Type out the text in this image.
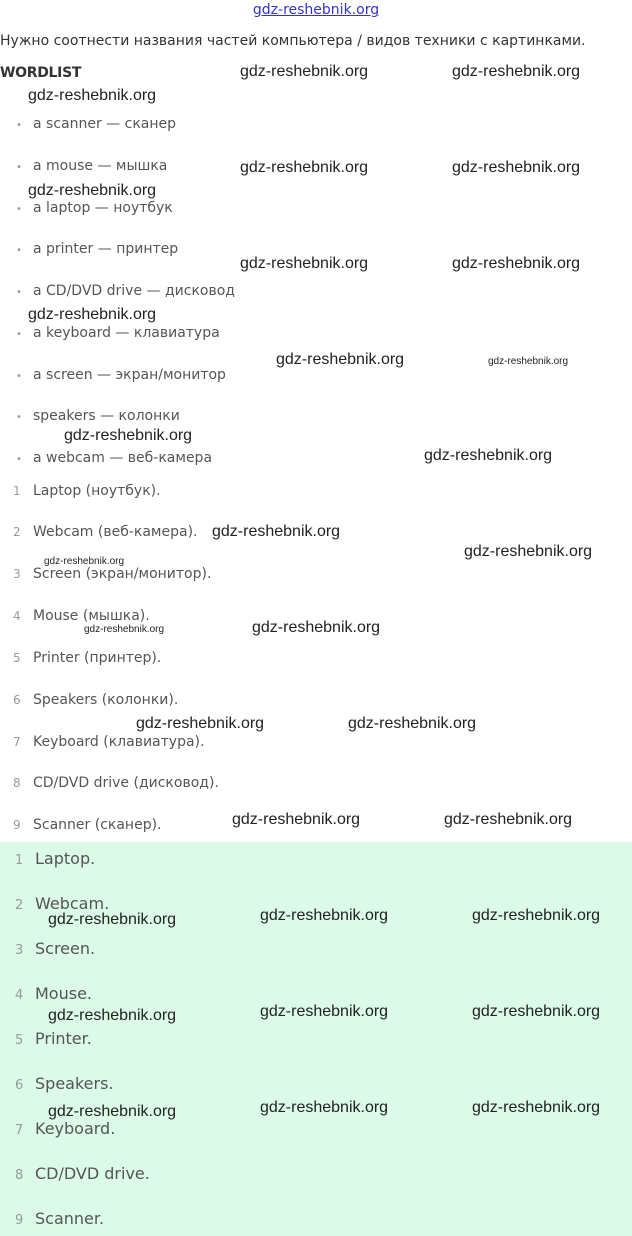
gdz-reshebnik.org
Нужно соотнести названия частей компьютера / видов техники с картинками.
WORDLIST
• a scanner — сканер
• a mouse — мышка
• a laptop — ноутбук
• a printer — принтер
• a CD/DVD drive — дисковод
• a keyboard — клавиатура
• a screen — экран/монитор
• speakers — колонки
• a webcam — веб-камера
1 Laptop (ноутбук).
2 Webcam (веб-камера).
3 Screen (экран/монитор).
4 Mouse (мышка).
5 Printer (принтер).
6 Speakers (колонки).
7 Keyboard (клавиатура).
8 CD/DVD drive (дисковод).
9 Scanner (сканер).
1 Laptop.
2 Webcam.
3 Screen.
4 Mouse.
5 Printer.
6 Speakers.
7 Keyboard.
8 CD/DVD drive.
9 Scanner.
gdz-reshebnik.org	gdz-reshebnik.org
gdz-reshebnik.org
gdz-reshebnik.org	gdz-reshebnik.org
gdz-reshebnik.org
gdz-reshebnik.org	gdz-reshebnik.org
gdz-reshebnik.org
gdz-reshebnik.org	gdz-reshebnik.org
gdz-reshebnik.org
gdz-reshebnik.org
gdz-reshebnik.org
gdz-reshebnik.org
gdz-reshebnik.org
gdz-reshebnik.org	gdz-reshebnik.org
gdz-reshebnik.org	gdz-reshebnik.org
gdz-reshebnik.org	gdz-reshebnik.org
gdz-reshebnik.org	gdz-reshebnik.org	gdz-reshebnik.org
gdz-reshebnik.org	gdz-reshebnik.org	gdz-reshebnik.org
gdz-reshebnik.org	gdz-reshebnik.org	gdz-reshebnik.org
